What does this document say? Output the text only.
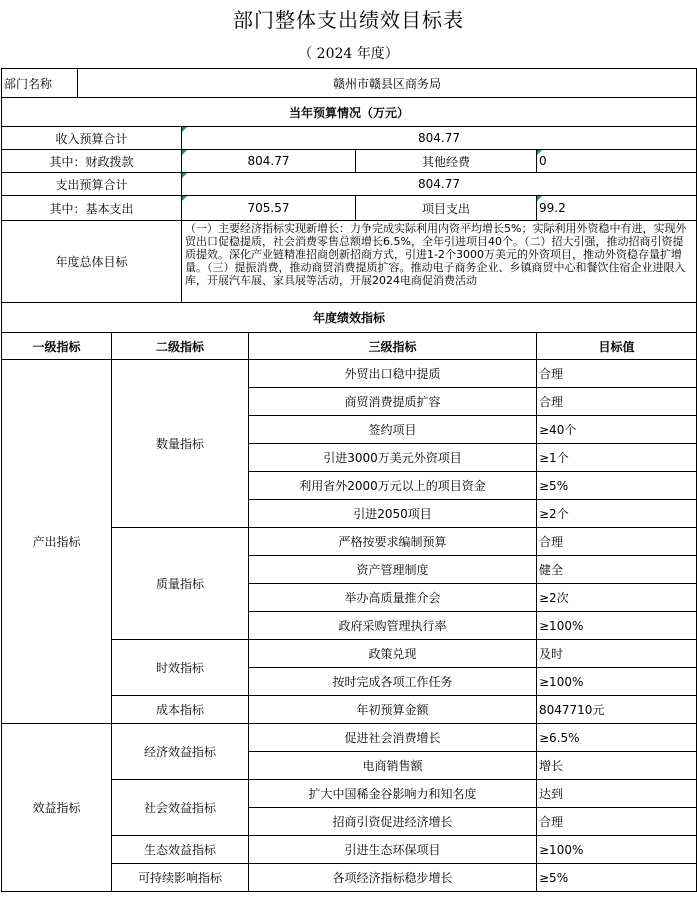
部门整体支出绩效目标表
（ 2024 年度）
部门名称	赣州市赣县区商务局					
当年预算情况（万元）						
收入预算合计			804.77			
其中：财政拨款			804.77		其他经费	0
支出预算合计			804.77			
其中：基本支出			705.57		项目支出	99.2
年度总体目标			（一）主要经济指标实现新增长：力争完成实际利用内资平均增长5%；实际利用外资稳中有进，实现外贸出口促稳提质，社会消费零售总额增长6.5%，全年引进项目40个。（二）招大引强，推动招商引资提质提效。深化产业链精准招商创新招商方式，引进1-2个3000万美元的外资项目，推动外资稳存量扩增量。（三）提振消费，推动商贸消费提质扩容。推动电子商务企业、乡镇商贸中心和餐饮住宿企业进限入库，开展汽车展、家具展等活动，开展2024电商促消费活动			
年度绩效指标						
一级指标		二级指标		三级指标		目标值
产出指标		数量指标		外贸出口稳中提质		合理
				商贸消费提质扩容		合理
				签约项目		≥40个
				引进3000万美元外资项目		≥1个
				利用省外2000万元以上的项目资金		≥5%
				引进2050项目		≥2个
		质量指标		严格按要求编制预算		合理
				资产管理制度		健全
				举办高质量推介会		≥2次
				政府采购管理执行率		≥100%
		时效指标		政策兑现		及时
				按时完成各项工作任务		≥100%
		成本指标		年初预算金额		8047710元
效益指标		经济效益指标		促进社会消费增长		≥6.5%
				电商销售额		增长
		社会效益指标		扩大中国稀金谷影响力和知名度		达到
				招商引资促进经济增长		合理
		生态效益指标		引进生态环保项目		≥100%
		可持续影响指标		各项经济指标稳步增长		≥5%
